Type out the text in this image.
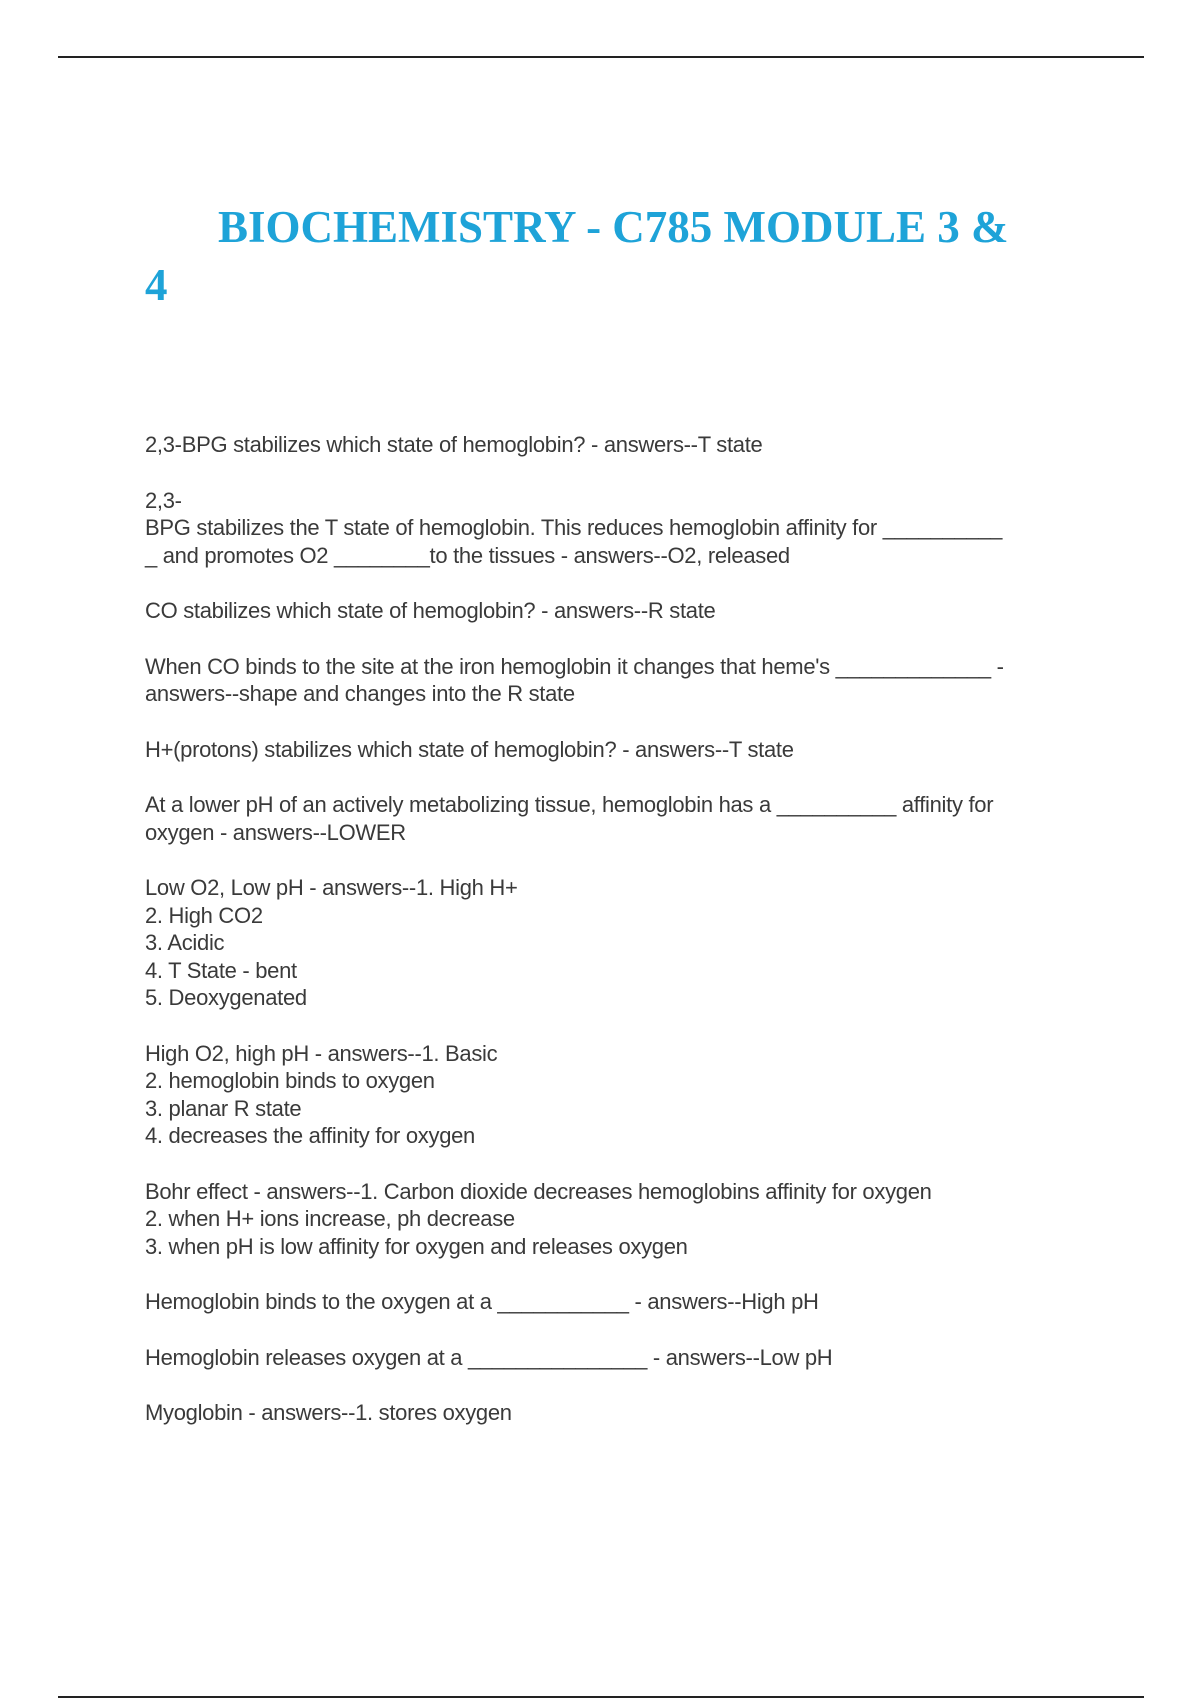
BIOCHEMISTRY - C785 MODULE 3 &
4

2,3-BPG stabilizes which state of hemoglobin? - answers--T state

2,3-
BPG stabilizes the T state of hemoglobin. This reduces hemoglobin affinity for __________
_ and promotes O2 ________to the tissues - answers--O2, released

CO stabilizes which state of hemoglobin? - answers--R state

When CO binds to the site at the iron hemoglobin it changes that heme's _____________ -
answers--shape and changes into the R state

H+(protons) stabilizes which state of hemoglobin? - answers--T state

At a lower pH of an actively metabolizing tissue, hemoglobin has a __________ affinity for
oxygen - answers--LOWER

Low O2, Low pH - answers--1. High H+
2. High CO2
3. Acidic
4. T State - bent
5. Deoxygenated

High O2, high pH - answers--1. Basic
2. hemoglobin binds to oxygen
3. planar R state
4. decreases the affinity for oxygen

Bohr effect - answers--1. Carbon dioxide decreases hemoglobins affinity for oxygen
2. when H+ ions increase, ph decrease
3. when pH is low affinity for oxygen and releases oxygen

Hemoglobin binds to the oxygen at a ___________ - answers--High pH

Hemoglobin releases oxygen at a _______________ - answers--Low pH

Myoglobin - answers--1. stores oxygen
